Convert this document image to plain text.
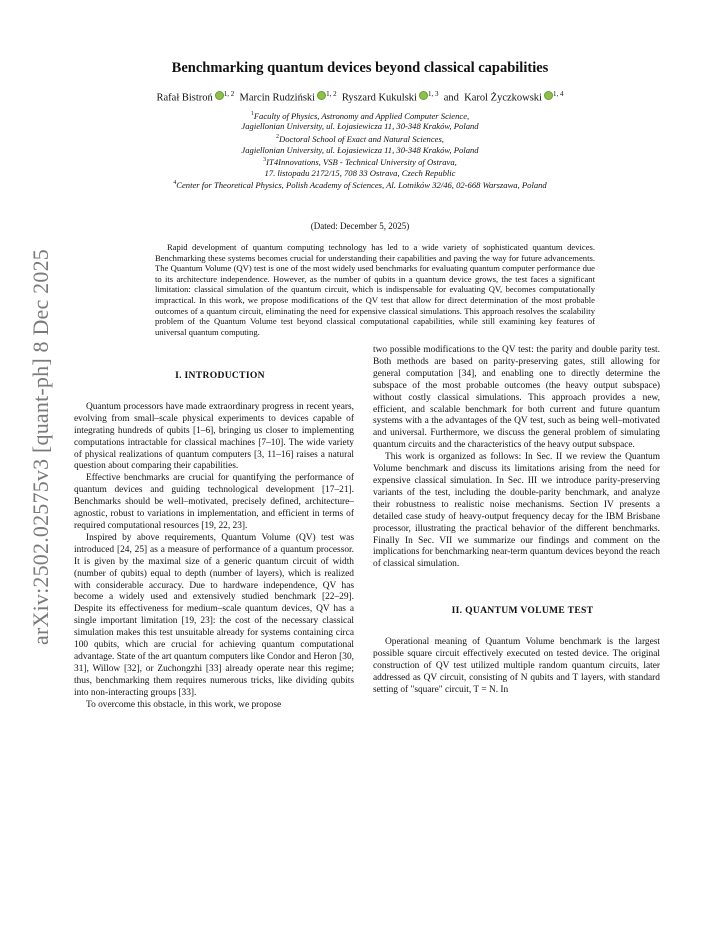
arXiv:2502.02575v3 [quant-ph] 8 Dec 2025
Benchmarking quantum devices beyond classical capabilities
Rafał Bistroń $^{1, 2}$ Marcin Rudziński $^{1, 2}$ Ryszard Kukulski $^{1, 3}$ and Karol Życzkowski $^{1, 4}$
$^1$Faculty of Physics, Astronomy and Applied Computer Science,
Jagiellonian University, ul. Łojasiewicza 11, 30-348 Kraków, Poland
$^2$Doctoral School of Exact and Natural Sciences,
Jagiellonian University, ul. Łojasiewicza 11, 30-348 Kraków, Poland
$^3$IT4Innovations, VSB - Technical University of Ostrava,
17. listopadu 2172/15, 708 33 Ostrava, Czech Republic
$^4$Center for Theoretical Physics, Polish Academy of Sciences, Al. Lotników 32/46, 02-668 Warszawa, Poland
(Dated: December 5, 2025)
Rapid development of quantum computing technology has led to a wide variety of sophisticated quantum devices. Benchmarking these systems becomes crucial for understanding their capabilities and paving the way for future advancements. The Quantum Volume (QV) test is one of the most widely used benchmarks for evaluating quantum computer performance due to its architecture independence. However, as the number of qubits in a quantum device grows, the test faces a significant limitation: classical simulation of the quantum circuit, which is indispensable for evaluating QV, becomes computationally impractical. In this work, we propose modifications of the QV test that allow for direct determination of the most probable outcomes of a quantum circuit, eliminating the need for expensive classical simulations. This approach resolves the scalability problem of the Quantum Volume test beyond classical computational capabilities, while still examining key features of universal quantum computing.

I. INTRODUCTION

Quantum processors have made extraordinary progress in recent years, evolving from small–scale physical experiments to devices capable of integrating hundreds of qubits [1–6], bringing us closer to implementing computations intractable for classical machines [7–10]. The wide variety of physical realizations of quantum computers [3, 11–16] raises a natural question about comparing their capabilities.

Effective benchmarks are crucial for quantifying the performance of quantum devices and guiding technological development [17–21]. Benchmarks should be well–motivated, precisely defined, architecture–agnostic, robust to variations in implementation, and efficient in terms of required computational resources [19, 22, 23].

Inspired by above requirements, Quantum Volume (QV) test was introduced [24, 25] as a measure of performance of a quantum processor. It is given by the maximal size of a generic quantum circuit of width (number of qubits) equal to depth (number of layers), which is realized with considerable accuracy. Due to hardware independence, QV has become a widely used and extensively studied benchmark [22–29]. Despite its effectiveness for medium–scale quantum devices, QV has a single important limitation [19, 23]: the cost of the necessary classical simulation makes this test unsuitable already for systems containing circa 100 qubits, which are crucial for achieving quantum computational advantage. State of the art quantum computers like Condor and Heron [30, 31], Willow [32], or Zuchongzhi [33] already operate near this regime; thus, benchmarking them requires numerous tricks, like dividing qubits into non-interacting groups [33].

To overcome this obstacle, in this work, we propose

two possible modifications to the QV test: the parity and double parity test. Both methods are based on parity-preserving gates, still allowing for general computation [34], and enabling one to directly determine the subspace of the most probable outcomes (the heavy output subspace) without costly classical simulations. This approach provides a new, efficient, and scalable benchmark for both current and future quantum systems with a the advantages of the QV test, such as being well–motivated and universal. Furthermore, we discuss the general problem of simulating quantum circuits and the characteristics of the heavy output subspace.

This work is organized as follows: In Sec. II we review the Quantum Volume benchmark and discuss its limitations arising from the need for expensive classical simulation. In Sec. III we introduce parity-preserving variants of the test, including the double-parity benchmark, and analyze their robustness to realistic noise mechanisms. Section IV presents a detailed case study of heavy-output frequency decay for the IBM Brisbane processor, illustrating the practical behavior of the different benchmarks. Finally In Sec. VII we summarize our findings and comment on the implications for benchmarking near-term quantum devices beyond the reach of classical simulation.

II. QUANTUM VOLUME TEST

Operational meaning of Quantum Volume benchmark is the largest possible square circuit effectively executed on tested device. The original construction of QV test utilized multiple random quantum circuits, later addressed as QV circuit, consisting of N qubits and T layers, with standard setting of "square" circuit, T = N. In
